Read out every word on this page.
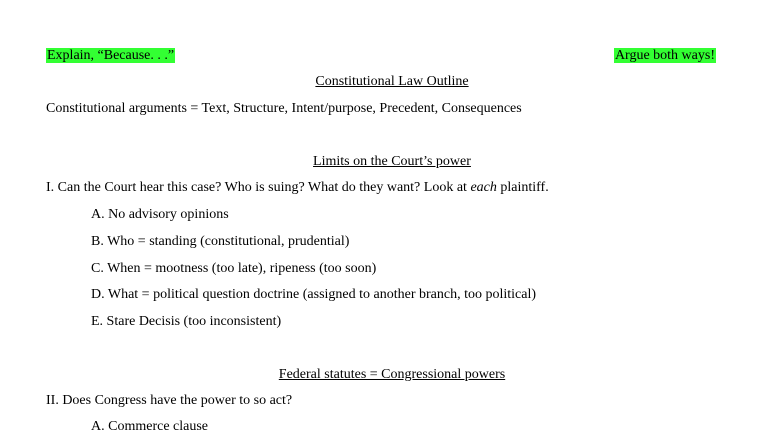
Explain, “Because. . .”	Argue both ways!
Constitutional Law Outline
Constitutional arguments = Text, Structure, Intent/purpose, Precedent, Consequences
Limits on the Court’s power
I. Can the Court hear this case? Who is suing? What do they want? Look at each plaintiff.
A. No advisory opinions
B. Who = standing (constitutional, prudential)
C. When = mootness (too late), ripeness (too soon)
D. What = political question doctrine (assigned to another branch, too political)
E. Stare Decisis (too inconsistent)
Federal statutes = Congressional powers
II. Does Congress have the power to so act?
A. Commerce clause
